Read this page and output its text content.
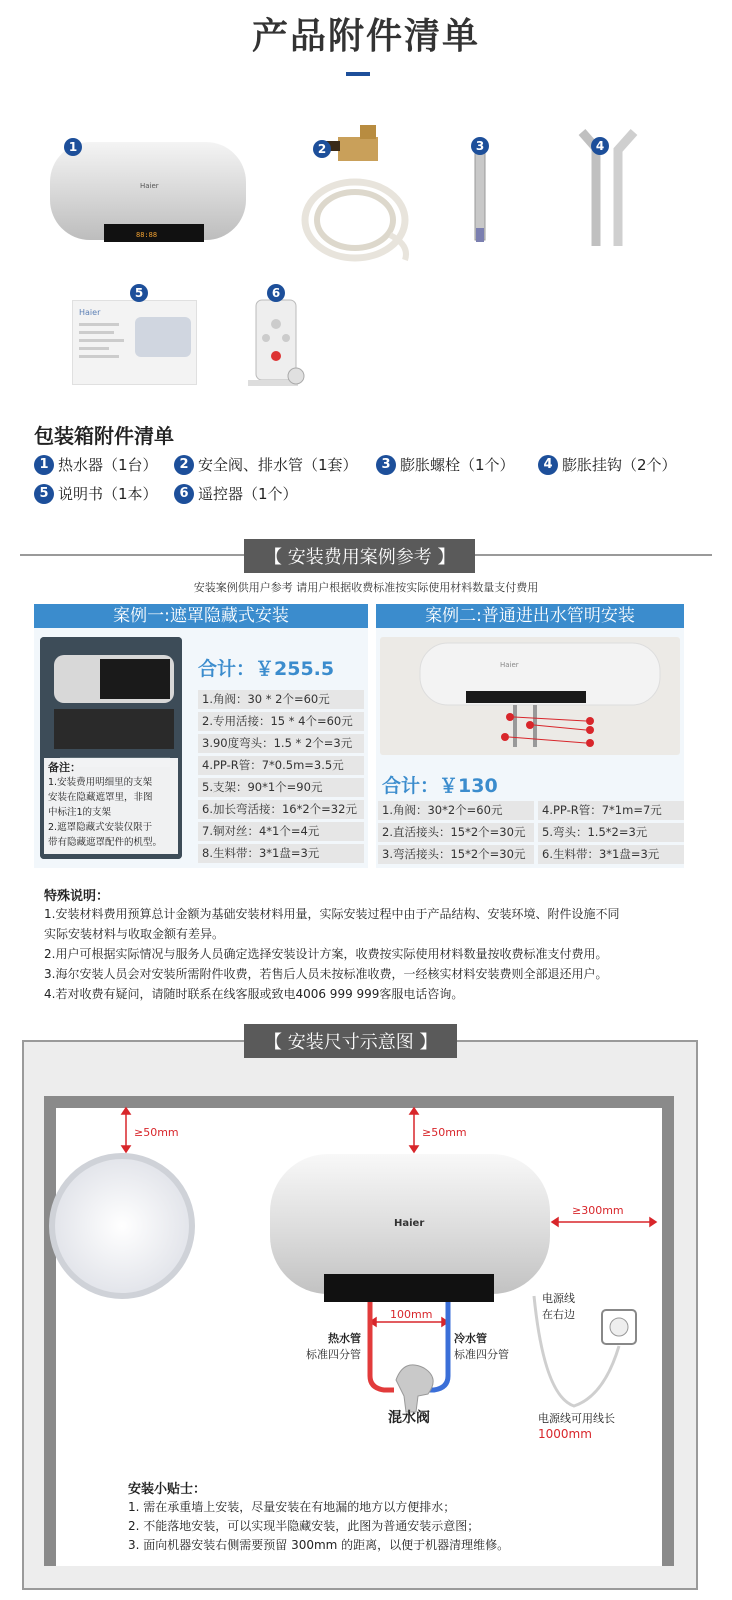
产品附件清单
88:88
Haier
1	2	3	4
Haier
5	6
包装箱附件清单
1 热水器（1台）	2 安全阀、排水管（1套）	3 膨胀螺栓（1个）	4 膨胀挂钩（2个）
5 说明书（1本）	6 遥控器（1个）
【 安装费用案例参考 】
安装案例供用户参考 请用户根据收费标准按实际使用材料数量支付费用
案例一:遮罩隐藏式安装
备注：
1.安装费用明细里的支架
安装在隐藏遮罩里，非图
中标注1的支架
2.遮罩隐藏式安装仅限于
带有隐藏遮罩配件的机型。
合计：￥255.5
1.角阀：30 * 2个=60元
2.专用活接：15 * 4个=60元
3.90度弯头：1.5 * 2个=3元
4.PP-R管：7*0.5m=3.5元
5.支架：90*1个=90元
6.加长弯活接：16*2个=32元
7.铜对丝：4*1个=4元
8.生料带：3*1盘=3元
案例二:普通进出水管明安装
Haier
合计：￥130
1.角阀：30*2个=60元
2.直活接头：15*2个=30元
3.弯活接头：15*2个=30元
4.PP-R管：7*1m=7元
5.弯头：1.5*2=3元
6.生料带：3*1盘=3元
特殊说明：
1.安装材料费用预算总计金额为基础安装材料用量，实际安装过程中由于产品结构、安装环境、附件设施不同
实际安装材料与收取金额有差异。
2.用户可根据实际情况与服务人员确定选择安装设计方案，收费按实际使用材料数量按收费标准支付费用。
3.海尔安装人员会对安装所需附件收费，若售后人员未按标准收费，一经核实材料安装费则全部退还用户。
4.若对收费有疑问，请随时联系在线客服或致电4006 999 999客服电话咨询。
【 安装尺寸示意图 】
Haier
≥50mm	≥50mm
≥300mm
100mm
热水管
标准四分管
冷水管
标准四分管
混水阀
电源线
在右边
电源线可用线长
1000mm
安装小贴士：
1. 需在承重墙上安装，尽量安装在有地漏的地方以方便排水；
2. 不能落地安装，可以实现半隐藏安装，此图为普通安装示意图；
3. 面向机器安装右侧需要预留 300mm 的距离，以便于机器清理维修。
